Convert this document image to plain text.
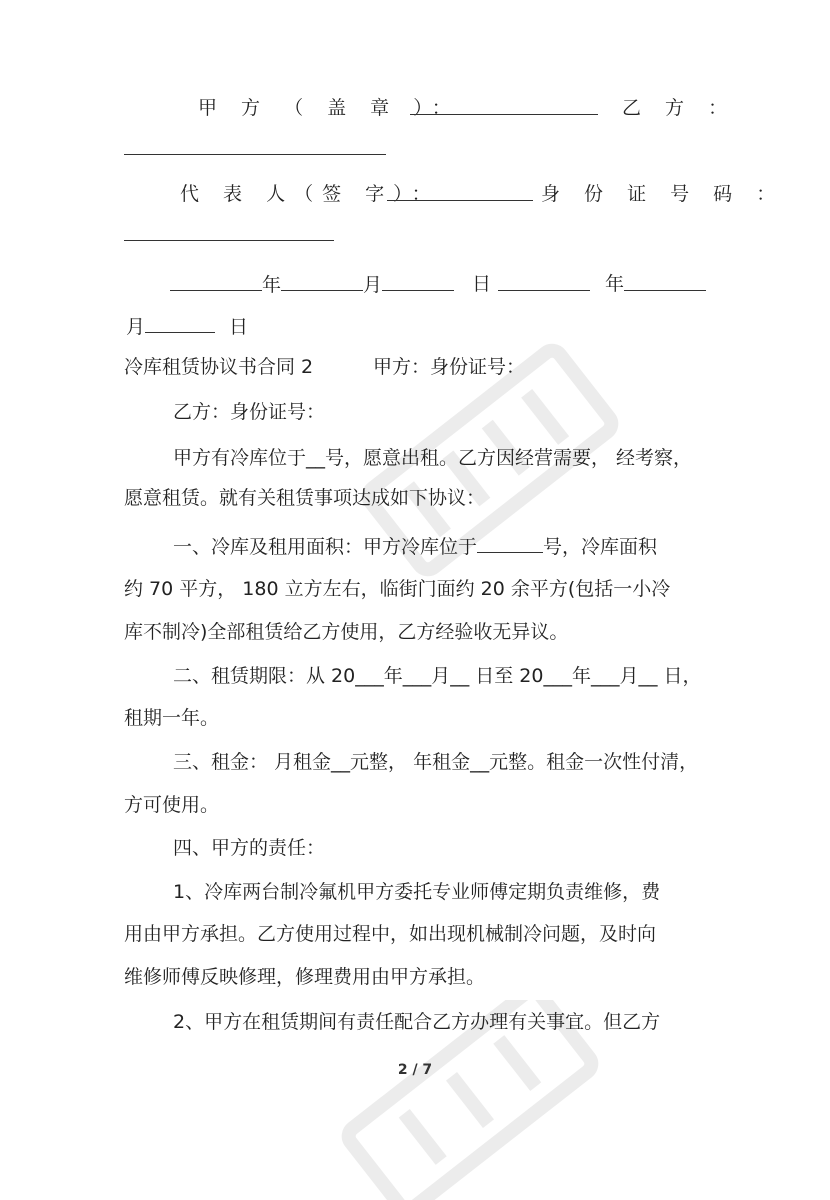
甲 方 （ 盖 章 ）：	乙 方 ：
代 表 人（签 字）：	身 份 证 号 码 ：
年	月	日	年
月	日
冷库租赁协议书合同 2	甲方：身份证号：
乙方：身份证号：
甲方有冷库位于__号，愿意出租。乙方因经营需要， 经考察，
愿意租赁。就有关租赁事项达成如下协议：
一、冷库及租用面积：甲方冷库位于	号，冷库面积
约 70 平方， 180 立方左右，临街门面约 20 余平方(包括一小冷
库不制冷)全部租赁给乙方使用，乙方经验收无异议。
二、租赁期限：从 20___年___月__ 日至 20___年___月__ 日，
租期一年。
三、租金： 月租金__元整， 年租金__元整。租金一次性付清，
方可使用。
四、甲方的责任：
1、冷库两台制冷氟机甲方委托专业师傅定期负责维修，费
用由甲方承担。乙方使用过程中，如出现机械制冷问题，及时向
维修师傅反映修理，修理费用由甲方承担。
2、甲方在租赁期间有责任配合乙方办理有关事宜。但乙方
2 / 7
